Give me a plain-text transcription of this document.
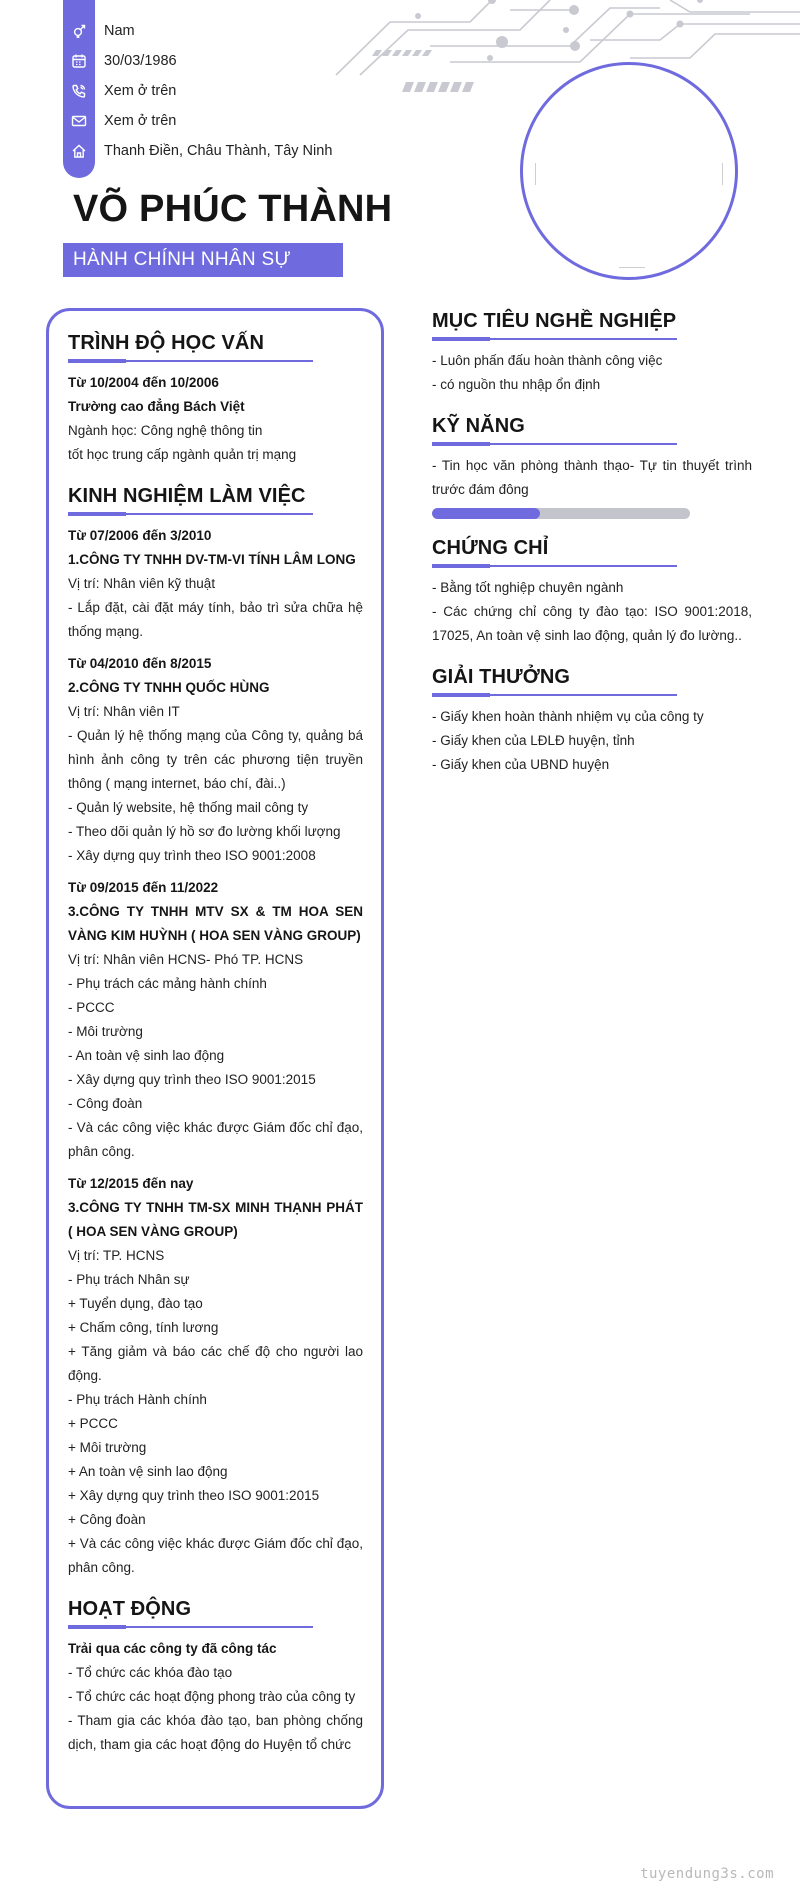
Nam
30/03/1986
Xem ở trên
Xem ở trên
Thanh Điền, Châu Thành, Tây Ninh
VÕ PHÚC THÀNH
HÀNH CHÍNH NHÂN SỰ
TRÌNH ĐỘ HỌC VẤN
Từ 10/2004 đến 10/2006
Trường cao đẳng Bách Việt
Ngành học: Công nghệ thông tin
tốt học trung cấp ngành quản trị mạng
KINH NGHIỆM LÀM VIỆC
Từ 07/2006 đến 3/2010
1.CÔNG TY TNHH DV-TM-VI TÍNH LÂM LONG
Vị trí: Nhân viên kỹ thuật
- Lắp đặt, cài đặt máy tính, bảo trì sửa chữa hệ thống mạng.
Từ 04/2010 đến 8/2015
2.CÔNG TY TNHH QUỐC HÙNG
Vị trí: Nhân viên IT
- Quản lý hệ thống mạng của Công ty, quảng bá hình ảnh công ty trên các phương tiện truyền thông ( mạng internet, báo chí, đài..)
- Quản lý website, hệ thống mail công ty
- Theo dõi quản lý hồ sơ đo lường khối lượng
- Xây dựng quy trình theo ISO 9001:2008
Từ 09/2015 đến 11/2022
3.CÔNG TY TNHH MTV SX & TM HOA SEN VÀNG KIM HUỲNH ( HOA SEN VÀNG GROUP)
Vị trí: Nhân viên HCNS- Phó TP. HCNS
- Phụ trách các mảng hành chính
- PCCC
- Môi trường
- An toàn vệ sinh lao động
- Xây dựng quy trình theo ISO 9001:2015
- Công đoàn
- Và các công việc khác được Giám đốc chỉ đạo, phân công.
Từ 12/2015 đến nay
3.CÔNG TY TNHH TM-SX MINH THẠNH PHÁT ( HOA SEN VÀNG GROUP)
Vị trí: TP. HCNS
- Phụ trách Nhân sự
+ Tuyển dụng, đào tạo
+ Chấm công, tính lương
+ Tăng giảm và báo các chế độ cho người lao động.
- Phụ trách Hành chính
+ PCCC
+ Môi trường
+ An toàn vệ sinh lao động
+ Xây dựng quy trình theo ISO 9001:2015
+ Công đoàn
+ Và các công việc khác được Giám đốc chỉ đạo, phân công.
HOẠT ĐỘNG
Trải qua các công ty đã công tác
- Tổ chức các khóa đào tạo
- Tổ chức các hoạt động phong trào của công ty
- Tham gia các khóa đào tạo, ban phòng chống dịch, tham gia các hoạt động do Huyện tổ chức
MỤC TIÊU NGHỀ NGHIỆP
- Luôn phấn đấu hoàn thành công việc
- có nguồn thu nhập ổn định
KỸ NĂNG
- Tin học văn phòng thành thạo- Tự tin thuyết trình trước đám đông
CHỨNG CHỈ
- Bằng tốt nghiệp chuyên ngành
- Các chứng chỉ công ty đào tạo: ISO 9001:2018, 17025, An toàn vệ sinh lao động, quản lý đo lường..
GIẢI THƯỞNG
- Giấy khen hoàn thành nhiệm vụ của công ty
- Giấy khen của LĐLĐ huyện, tỉnh
- Giấy khen của UBND huyện
tuyendung3s.com
